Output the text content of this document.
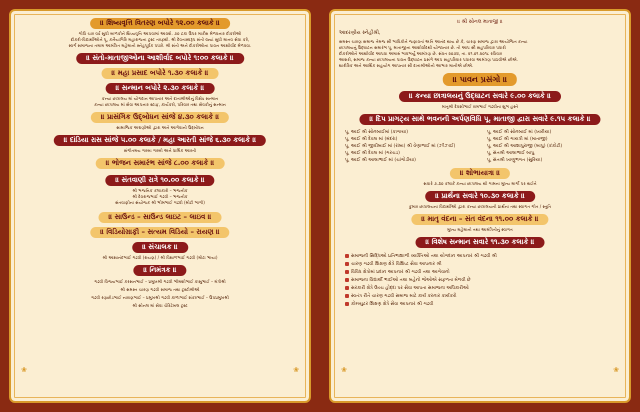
॥ શિષ્યવૃત્તિ વિતરણ બપોરે ૧૨.૦૦ કલાકે ॥
ગોધિ ચાર વર્ષ સુધી બાળકોને શિષ્યવૃત્તિ આપવામાં આવશે. ૭૦ ટકા ઉપર માર્કસ મેળવનાર દીકરીઓ
દીકરી-વિદ્યાર્થીઓને પૂ. કનૈયાગિરિ મહારાજના ટ્રસ્ટ તરફથી. શ્રી દેવતાસ્વરૂપ સંતો જ્યાં સુધી માનવ સેવા કરે,
સ્વર્ગ સમાજના તમામ આમંત્રિત મહેમાનો સ્નેહપૂર્વક પધારે. શ્રી સંતો અને દીકરીઓના પાવન આશીર્વાદ મેળવવા.
॥ સંતો-માતાજીઓના આશીર્વાદ બપોરે ૧:૦૦ કલાકે ॥
॥ મહા પ્રસાદ બપોરે ૧.૩૦ કલાકે ॥
॥ સન્માન બપોરે ૨.૩૦ કલાકે ॥
કન્યા છાત્રાલય માં યોગદાન આપનાર અને દાતાશ્રીઓનું વિશેષ સન્માન
કન્યા છાત્રાલય માં સેવા આપનાર સ્ટાફ, કાર્યકરો, પરિવાર તથા સેવકોનું સન્માન
॥ પ્રાસંગિક ઉદ્બોધન સાંજે ૪.૩૦ કલાકે ॥
સામાજિક અગ્રણીઓ દ્વારા અને આગેવાનો ઉદ્બોધન
॥ દાંડિયા રાસ સાંજે ૫.૦૦ કલાકે / મહા આરતી સાંજે ૬.૩૦ કલાકે ॥
સંગીતમય ગરબા ગરબી અને ધાર્મિક આરતી
॥ ભોજન સમારંભ સાંજે ૮.૦૦ કલાકે ॥
॥ સંતવાણી રાત્રે ૧૦.૦૦ કલાકે ॥
શ્રી ભજનિક કલાકારો – ભજનીક
શ્રી દેવરાજભાઈ ગઢવી – ભજનીક
સંતવાણીના સંયોજક શ્રી ભીમભાઈ ગઢવી (મોટી ભાગી)
॥ સાઉન્ડ – સાઉન્ડ લાઇટ – લાઇવ ॥
॥ વિડિયોગ્રાફી – સત્યમ વિડિયો – રાયણ ॥
॥ સંચાલક ॥
શ્રી આશાનંદભાઈ ગઢવી (રાયણ) / શ્રી વિશાળભાઈ ગઢવી (મોટા ભાયા)
॥ નિમંત્રક ॥
ગઢવી વિજયભાઈ કરસનભાઈ – પ્રમુખશ્રી ગઢવી ભીમશીભાઈ કાસુભાઈ – મંત્રીશ્રી
શ્રી સમસ્ત ચારણ ગઢવી સમાજ તથા ટ્રસ્ટીશ્રીઓ
ગઢવી રણછોડભાઈ નારાણભાઈ – પ્રમુખશ્રી ગઢવી કાળાભાઈ શંકરભાઈ – ઉપપ્રમુખશ્રી
શ્રી સોનલ માં સેવા ચેરિટેબલ ટ્રસ્ટ
❀	❀
॥ શ્રી સોનલ માતાજી ॥
આદરણીય સ્નેહીશ્રી,
સમસ્ત ચારણ સમાજ તેમજ સૌ ભાવિકોને જણાવતાં અતિ આનંદ થાય છે કે, ચારણ સમાજ દ્વારા આયોજિત કન્યા
છાત્રાલયનું ઉદ્ઘાટન સમારંભ પૂ. માતાજીના આશીર્વાદથી યોજાનાર છે. તો આપ સૌ સહપરિવાર પધારી
દીકરીઓને આશીર્વાદ આપવા અમારું ભાવભર્યું આમંત્રણ છે. સંવત ૨૦૭૪, તા. ૨૧.૦૧.૨૦૧૮ રવિવાર
આશરો, સમાજ કન્યા છાત્રાલયના પાવન ઉદ્ઘાટન પ્રસંગે આપ સહપરિવાર પધારવા આમંત્રણ પાઠવીએ છીએ.
શારીરિક અને આર્થિક સહયોગ આપનાર સૌ દાતાશ્રીઓનો આભાર માનીએ છીએ.
॥ પાવન પ્રસંગો ॥
॥ કન્યા છાત્રાલયનું ઉદ્ઘાટન સવારે ૯.૦૦ કલાકે ॥
માતૃશ્રી દેવશીભાઈ રામભાઈ ગઢવીના શુભ હસ્તે
॥ દિપ પ્રાગટ્ય સાથે ભવનની અર્પણવિધિ પૂ. માતાજી દ્વારા સવારે ૯.૧૫ કલાકે ॥
પૂ. આઈ શ્રી સોનબાઈમાં (કાગાયા)
પૂ. આઈ શ્રી દેવલ માં (મંદરા)
પૂ. આઈ શ્રી જીવીબાઈ માં (રાંબા) શ્રી વેણાભાઈ માં (ઝીઝાઈ)
પૂ. આઈ શ્રી દેવલ માં (ગરચડ)
પૂ. આઈ શ્રી આલાભાઈ માં (ચાંગોડીયા)
પૂ. આઈ શ્રી સોનબાઈ માં (ખારીયા)
પૂ. આઈ શ્રી ગાયત્રી માં (માતાજી)
પૂ. આઈ શ્રી આશાપુરાજી (બાપુ) (કંકોટી)
પૂ. સંતશ્રી આલાભાઈ બાપુ
પૂ. સંતશ્રી ખાણુભગત (સુરિયા)
॥ શોભાયાત્રા ॥
સવારે ૭.૩૦ કલાકે કન્યા છાત્રાલય થી ગામના મુખ્ય માર્ગો પર થઈને
॥ પ્રાર્થના સવારે ૧૦.૩૦ કલાકે ॥
કુમાર છાત્રાલયના વિદ્યાર્થીઓ દ્વારા કન્યા છાત્રાલયની પ્રાર્થના તથા સ્વાગત ગીત / સ્તુતિ
॥ માતૃ વંદના – સંત વંદના ૧૧.૦૦ કલાકે ॥
મુખ્ય મહેમાનો તથા આમંત્રિતોનું સ્વાગત
॥ વિશેષ સન્માન સવારે ૧૧.૩૦ કલાકે ॥
સમાજની સિદ્ધિઓ પ્રતિભાશાળી વ્યક્તિઓ તથા યોગદાન આપનાર શ્રી ગઢવી શ્રી
ચારણ ગઢવી શિક્ષણ ક્ષેત્રે વિશિષ્ટ સેવા આપનાર શ્રી
વિવિધ ક્ષેત્રોમાં પ્રદાન આપનાર શ્રી ગઢવી તથા આગેવાનો
સમાજના વિદ્યાર્થી ભાઈઓ તથા બહેનો જેઓએ સફળતા મેળવી છે
સરકારી ક્ષેત્રે ઉચ્ચ હોદ્દા પર સેવા આપતા સમાજના અધિકારીઓ
સ્વતંત્ર રીતે ચારણ ગઢવી સમાજ માટે કાર્ય કરનાર કાર્યકરો
કોમ્પ્યુટર શિક્ષણ ક્ષેત્રે સેવા આપનાર શ્રી ગઢવી
❀	❀
